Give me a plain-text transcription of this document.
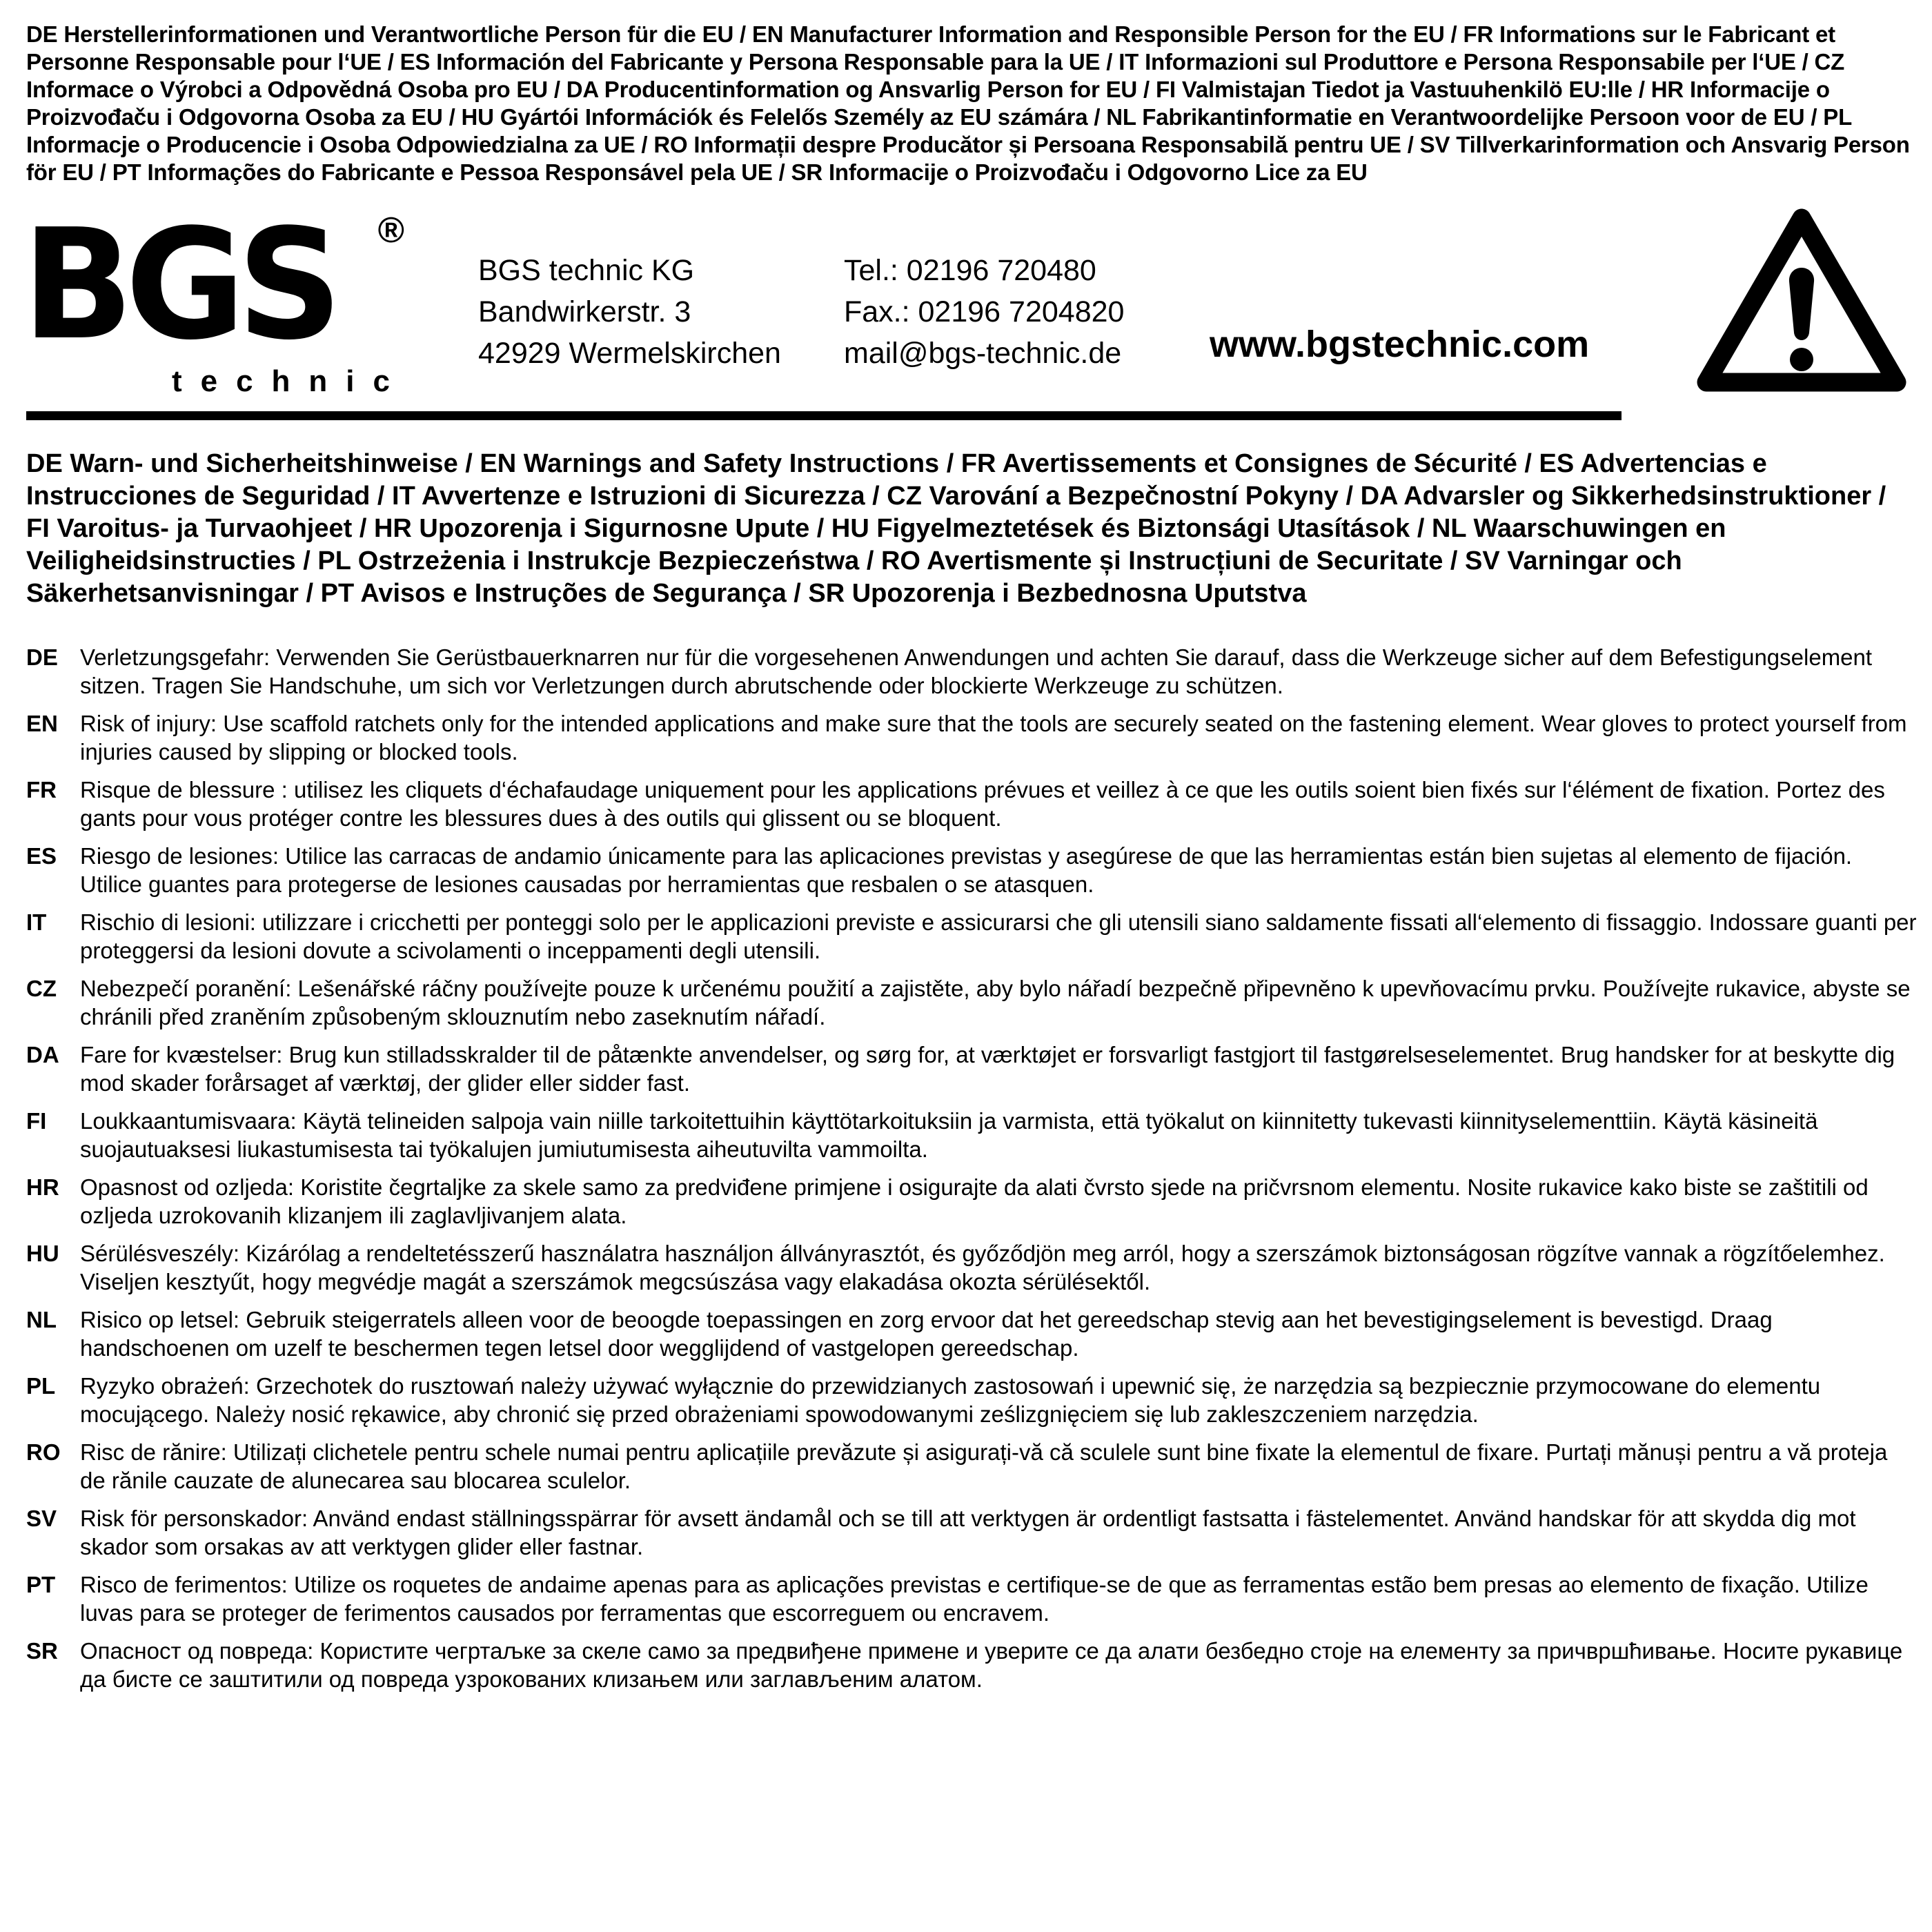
DE Herstellerinformationen und Verantwortliche Person für die EU / EN Manufacturer Information and Responsible Person for the EU / FR Informations sur le Fabricant et Personne Responsable pour l‘UE / ES Información del Fabricante y Persona Responsable para la UE / IT Informazioni sul Produttore e Persona Responsabile per l‘UE / CZ Informace o Výrobci a Odpovědná Osoba pro EU / DA Producentinformation og Ansvarlig Person for EU / FI Valmistajan Tiedot ja Vastuuhenkilö EU:lle / HR Informacije o Proizvođaču i Odgovorna Osoba za EU / HU Gyártói Információk és Felelős Személy az EU számára / NL Fabrikantinformatie en Verantwoordelijke Persoon voor de EU / PL Informacje o Producencie i Osoba Odpowiedzialna za UE / RO Informații despre Producător și Persoana Responsabilă pentru UE / SV Tillverkarinformation och Ansvarig Person för EU / PT Informações do Fabricante e Pessoa Responsável pela UE / SR Informacije o Proizvođaču i Odgovorno Lice za EU

BGS ®
technic
BGS technic KG
Bandwirkerstr. 3
42929 Wermelskirchen
Tel.: 02196 720480
Fax.: 02196 7204820
mail@bgs-technic.de www.bgstechnic.com

DE Warn- und Sicherheitshinweise / EN Warnings and Safety Instructions / FR Avertissements et Consignes de Sécurité / ES Advertencias e Instrucciones de Seguridad / IT Avvertenze e Istruzioni di Sicurezza / CZ Varování a Bezpečnostní Pokyny / DA Advarsler og Sikkerhedsinstruktioner / FI Varoitus- ja Turvaohjeet / HR Upozorenja i Sigurnosne Upute / HU Figyelmeztetések és Biztonsági Utasítások / NL Waarschuwingen en Veiligheidsinstructies / PL Ostrzeżenia i Instrukcje Bezpieczeństwa / RO Avertismente și Instrucțiuni de Securitate / SV Varningar och Säkerhetsanvisningar / PT Avisos e Instruções de Segurança / SR Upozorenja i Bezbednosna Uputstva

DE Verletzungsgefahr: Verwenden Sie Gerüstbauerknarren nur für die vorgesehenen Anwendungen und achten Sie darauf, dass die Werkzeuge sicher auf dem Befestigungselement sitzen. Tragen Sie Handschuhe, um sich vor Verletzungen durch abrutschende oder blockierte Werkzeuge zu schützen.
EN Risk of injury: Use scaffold ratchets only for the intended applications and make sure that the tools are securely seated on the fastening element. Wear gloves to protect yourself from injuries caused by slipping or blocked tools.
FR	Risque de blessure : utilisez les cliquets d‘échafaudage uniquement pour les applications prévues et veillez à ce que les outils soient bien fixés sur l‘élément de fixation. Portez des gants pour vous protéger contre les blessures dues à des outils qui glissent ou se bloquent.
ES	Riesgo de lesiones: Utilice las carracas de andamio únicamente para las aplicaciones previstas y asegúrese de que las herramientas están bien sujetas al elemento de fijación. Utilice guantes para protegerse de lesiones causadas por herramientas que resbalen o se atasquen.
IT	Rischio di lesioni: utilizzare i cricchetti per ponteggi solo per le applicazioni previste e assicurarsi che gli utensili siano saldamente fissati all‘elemento di fissaggio. Indossare guanti per proteggersi da lesioni dovute a scivolamenti o inceppamenti degli utensili.
CZ	Nebezpečí poranění: Lešenářské ráčny používejte pouze k určenému použití a zajistěte, aby bylo nářadí bezpečně připevněno k upevňovacímu prvku. Používejte rukavice, abyste se chránili před zraněním způsobeným sklouznutím nebo zaseknutím nářadí.
DA Fare for kvæstelser: Brug kun stilladsskralder til de påtænkte anvendelser, og sørg for, at værktøjet er forsvarligt fastgjort til fastgørelseselementet. Brug handsker for at beskytte dig mod skader forårsaget af værktøj, der glider eller sidder fast.
FI	Loukkaantumisvaara: Käytä telineiden salpoja vain niille tarkoitettuihin käyttötarkoituksiin ja varmista, että työkalut on kiinnitetty tukevasti kiinnityselementtiin. Käytä käsineitä suojautuaksesi liukastumisesta tai työkalujen jumiutumisesta aiheutuvilta vammoilta.
HR Opasnost od ozljeda: Koristite čegrtaljke za skele samo za predviđene primjene i osigurajte da alati čvrsto sjede na pričvrsnom elementu. Nosite rukavice kako biste se zaštitili od ozljeda uzrokovanih klizanjem ili zaglavljivanjem alata.
HU Sérülésveszély: Kizárólag a rendeltetésszerű használatra használjon állványrasztót, és győződjön meg arról, hogy a szerszámok biztonságosan rögzítve vannak a rögzítőelemhez. Viseljen kesztyűt, hogy megvédje magát a szerszámok megcsúszása vagy elakadása okozta sérülésektől.
NL	Risico op letsel: Gebruik steigerratels alleen voor de beoogde toepassingen en zorg ervoor dat het gereedschap stevig aan het bevestigingselement is bevestigd. Draag handschoenen om uzelf te beschermen tegen letsel door wegglijdend of vastgelopen gereedschap.
PL	Ryzyko obrażeń: Grzechotek do rusztowań należy używać wyłącznie do przewidzianych zastosowań i upewnić się, że narzędzia są bezpiecznie przymocowane do elementu mocującego. Należy nosić rękawice, aby chronić się przed obrażeniami spowodowanymi ześlizgnięciem się lub zakleszczeniem narzędzia.
RO Risc de rănire: Utilizați clichetele pentru schele numai pentru aplicațiile prevăzute și asigurați-vă că sculele sunt bine fixate la elementul de fixare. Purtați mănuși pentru a vă proteja de rănile cauzate de alunecarea sau blocarea sculelor.
SV	Risk för personskador: Använd endast ställningsspärrar för avsett ändamål och se till att verktygen är ordentligt fastsatta i fästelementet. Använd handskar för att skydda dig mot skador som orsakas av att verktygen glider eller fastnar.
PT	Risco de ferimentos: Utilize os roquetes de andaime apenas para as aplicações previstas e certifique-se de que as ferramentas estão bem presas ao elemento de fixação. Utilize luvas para se proteger de ferimentos causados por ferramentas que escorreguem ou encravem.
SR Опасност од повреда: Користите чегртаљке за скеле само за предвиђене примене и уверите се да алати безбедно стоје на елементу за причвршћивање. Носите рукавице да бисте се заштитили од повреда узрокованих клизањем или заглављеним алатом.
